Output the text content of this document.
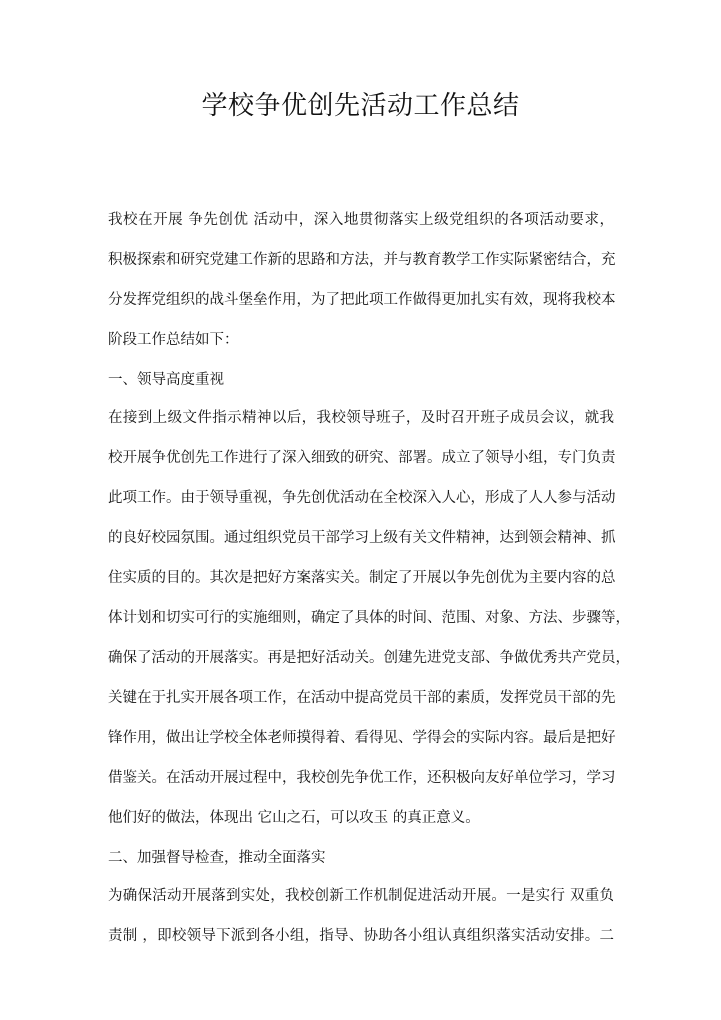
学校争优创先活动工作总结
我校在开展 争先创优 活动中，深入地贯彻落实上级党组织的各项活动要求，
积极探索和研究党建工作新的思路和方法，并与教育教学工作实际紧密结合，充
分发挥党组织的战斗堡垒作用，为了把此项工作做得更加扎实有效，现将我校本
阶段工作总结如下：
一、领导高度重视
在接到上级文件指示精神以后，我校领导班子，及时召开班子成员会议，就我
校开展争优创先工作进行了深入细致的研究、部署。成立了领导小组，专门负责
此项工作。由于领导重视，争先创优活动在全校深入人心，形成了人人参与活动
的良好校园氛围。通过组织党员干部学习上级有关文件精神，达到领会精神、抓
住实质的目的。其次是把好方案落实关。制定了开展以争先创优为主要内容的总
体计划和切实可行的实施细则，确定了具体的时间、范围、对象、方法、步骤等，
确保了活动的开展落实。再是把好活动关。创建先进党支部、争做优秀共产党员，
关键在于扎实开展各项工作，在活动中提高党员干部的素质，发挥党员干部的先
锋作用，做出让学校全体老师摸得着、看得见、学得会的实际内容。最后是把好
借鉴关。在活动开展过程中，我校创先争优工作，还积极向友好单位学习，学习
他们好的做法，体现出 它山之石，可以攻玉 的真正意义。
二、加强督导检查，推动全面落实
为确保活动开展落到实处，我校创新工作机制促进活动开展。一是实行 双重负
责制 ，即校领导下派到各小组，指导、协助各小组认真组织落实活动安排。二
